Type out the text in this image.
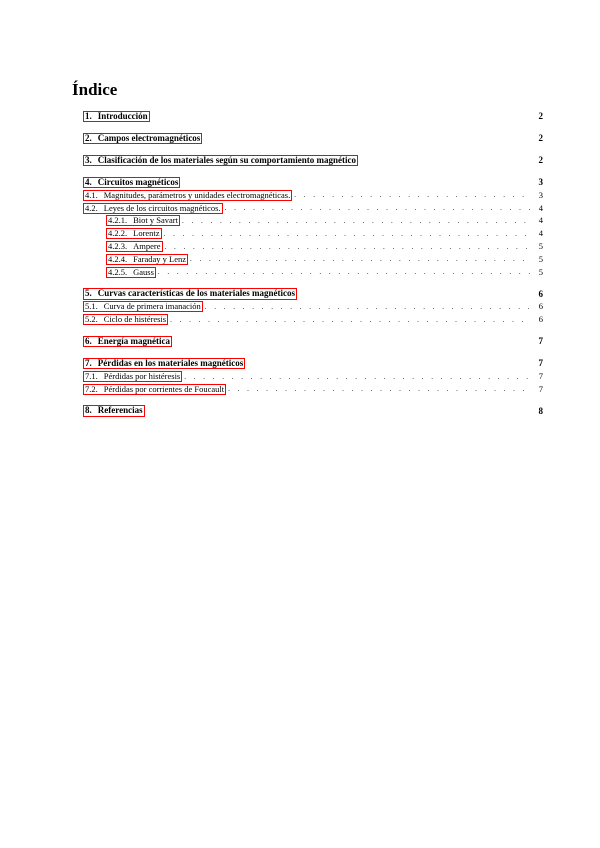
Índice
1. Introducción	2
2. Campos electromagnéticos	2
3. Clasificación de los materiales según su comportamiento magnético	2
4. Circuitos magnéticos	3
4.1. Magnitudes, parámetros y unidades electromagnéticas. . . .	3
4.2. Leyes de los circuitos magnéticos. . . .	4
4.2.1. Biot y Savart . . .	4
4.2.2. Lorentz . . .	4
4.2.3. Ampere . . .	5
4.2.4. Faraday y Lenz . . .	5
4.2.5. Gauss . . .	5
5. Curvas características de los materiales magnéticos	6
5.1. Curva de primera imanación . . .	6
5.2. Ciclo de histéresis . . .	6
6. Energía magnética	7
7. Pérdidas en los materiales magnéticos	7
7.1. Pérdidas por histéresis . . .	7
7.2. Pérdidas por corrientes de Foucault . . .	7
8. Referencias	8
